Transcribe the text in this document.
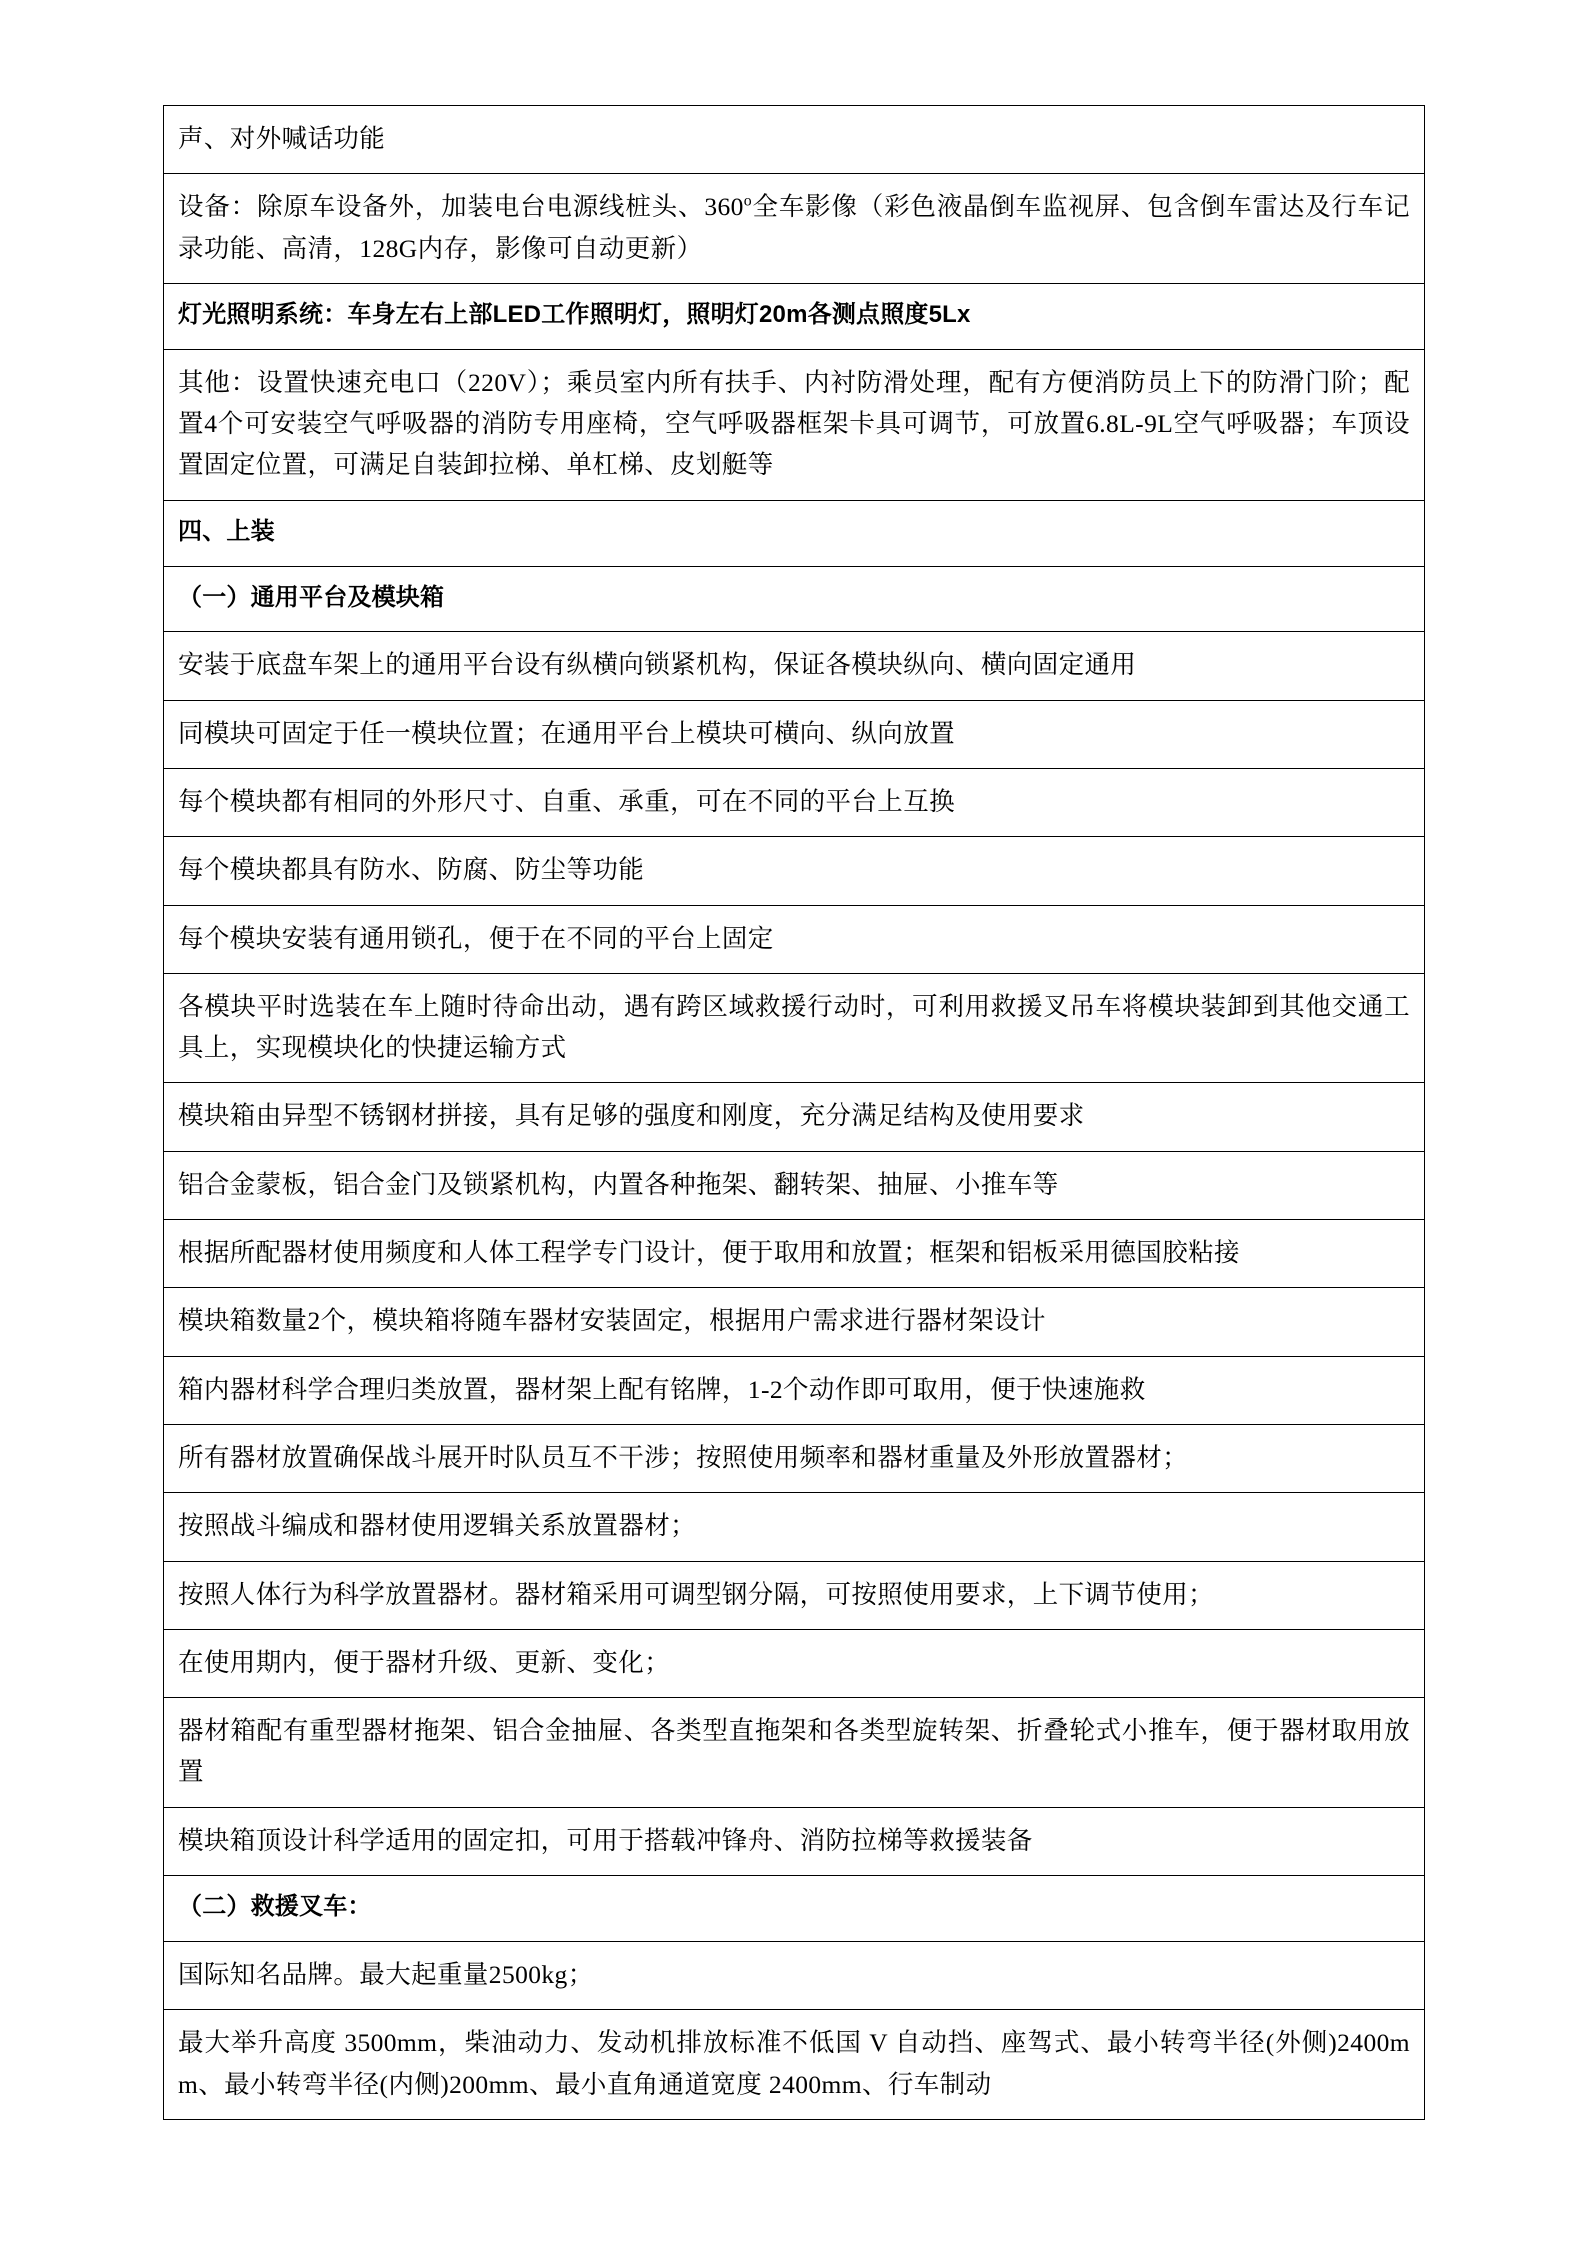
声、对外喊话功能
设备：除原车设备外，加装电台电源线桩头、360$^o$全车影像（彩色液晶倒车监视屏、包含倒车雷达及行车记录功能、高清，128G内存，影像可自动更新）
灯光照明系统：车身左右上部LED工作照明灯，照明灯20m各测点照度5Lx
其他：设置快速充电口（220V）；乘员室内所有扶手、内衬防滑处理，配有方便消防员上下的防滑门阶；配置4个可安装空气呼吸器的消防专用座椅，空气呼吸器框架卡具可调节，可放置6.8L-9L空气呼吸器；车顶设置固定位置，可满足自装卸拉梯、单杠梯、皮划艇等
四、上装
（一）通用平台及模块箱
安装于底盘车架上的通用平台设有纵横向锁紧机构，保证各模块纵向、横向固定通用
同模块可固定于任一模块位置；在通用平台上模块可横向、纵向放置
每个模块都有相同的外形尺寸、自重、承重，可在不同的平台上互换
每个模块都具有防水、防腐、防尘等功能
每个模块安装有通用锁孔，便于在不同的平台上固定
各模块平时选装在车上随时待命出动，遇有跨区域救援行动时，可利用救援叉吊车将模块装卸到其他交通工具上，实现模块化的快捷运输方式
模块箱由异型不锈钢材拼接，具有足够的强度和刚度，充分满足结构及使用要求
铝合金蒙板，铝合金门及锁紧机构，内置各种拖架、翻转架、抽屉、小推车等
根据所配器材使用频度和人体工程学专门设计，便于取用和放置；框架和铝板采用德国胶粘接
模块箱数量2个，模块箱将随车器材安装固定，根据用户需求进行器材架设计
箱内器材科学合理归类放置，器材架上配有铭牌，1-2个动作即可取用，便于快速施救
所有器材放置确保战斗展开时队员互不干涉；按照使用频率和器材重量及外形放置器材；
按照战斗编成和器材使用逻辑关系放置器材；
按照人体行为科学放置器材。器材箱采用可调型钢分隔，可按照使用要求，上下调节使用；
在使用期内，便于器材升级、更新、变化；
器材箱配有重型器材拖架、铝合金抽屉、各类型直拖架和各类型旋转架、折叠轮式小推车，便于器材取用放置
模块箱顶设计科学适用的固定扣，可用于搭载冲锋舟、消防拉梯等救援装备
（二）救援叉车：
国际知名品牌。最大起重量2500kg；
最大举升高度 3500mm，柴油动力、发动机排放标准不低国 V 自动挡、座驾式、最小转弯半径(外侧)2400mm、最小转弯半径(内侧)200mm、最小直角通道宽度 2400mm、行车制动
